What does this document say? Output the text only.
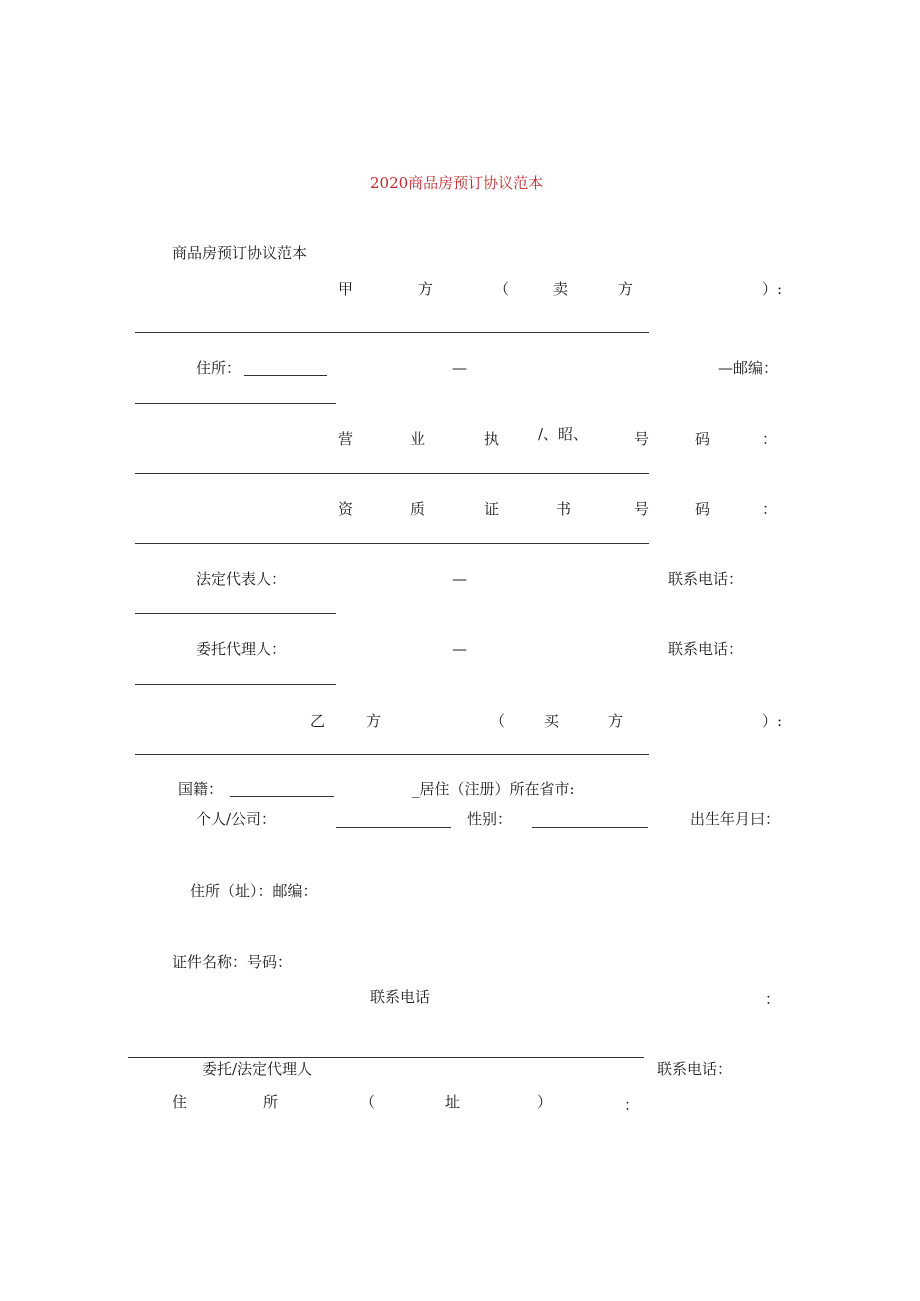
2020商品房预订协议范本
商品房预订协议范本
甲	方	（	卖	方	）:
住所：	—	—邮编：
营	业	执	/、昭、	号	码	：
资	质	证	书	号	码	：
法定代表人：	—	联系电话：
委托代理人：	—	联系电话：
乙	方	（	买	方	）:
国籍：	_居住（注册）所在省市:
个人/公司：	性别：	出生年月曰：
住所（址）：邮编：
证件名称：号码：
联系电话	：
委托/法定代理人	联系电话：
住	所	（	址	）	：
